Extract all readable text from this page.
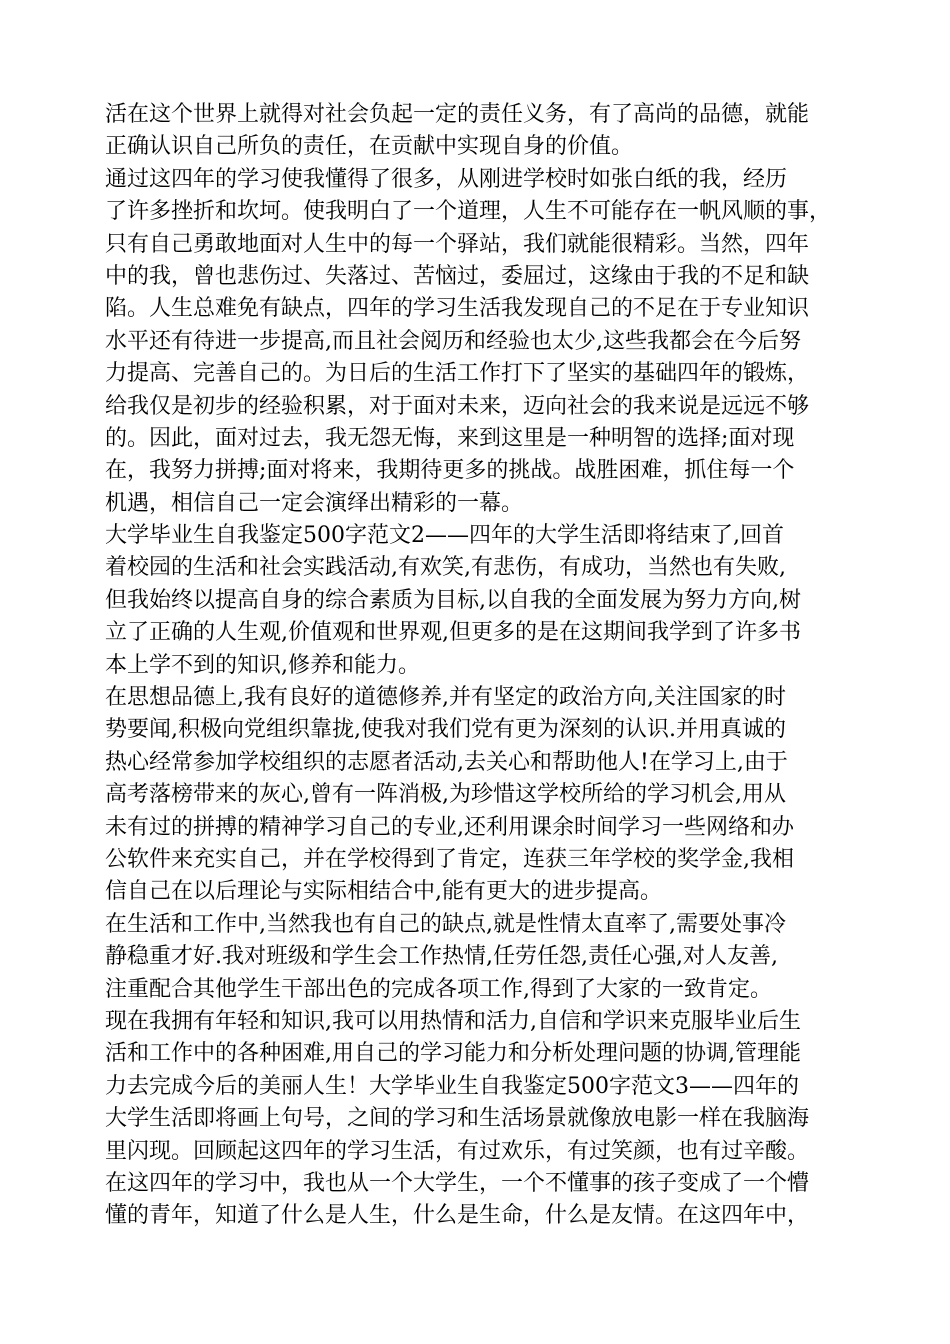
活在这个世界上就得对社会负起一定的责任义务，有了高尚的品德，就能
正确认识自己所负的责任，在贡献中实现自身的价值。
通过这四年的学习使我懂得了很多，从刚进学校时如张白纸的我，经历
了许多挫折和坎坷。使我明白了一个道理，人生不可能存在一帆风顺的事，
只有自己勇敢地面对人生中的每一个驿站，我们就能很精彩。当然，四年
中的我，曾也悲伤过、失落过、苦恼过，委屈过，这缘由于我的不足和缺
陷。人生总难免有缺点，四年的学习生活我发现自己的不足在于专业知识
水平还有待进一步提高,而且社会阅历和经验也太少,这些我都会在今后努
力提高、完善自己的。为日后的生活工作打下了坚实的基础四年的锻炼，
给我仅是初步的经验积累，对于面对未来，迈向社会的我来说是远远不够
的。因此，面对过去，我无怨无悔，来到这里是一种明智的选择;面对现
在，我努力拼搏;面对将来，我期待更多的挑战。战胜困难，抓住每一个
机遇，相信自己一定会演绎出精彩的一幕。
大学毕业生自我鉴定500字范文2——四年的大学生活即将结束了,回首
着校园的生活和社会实践活动,有欢笑,有悲伤，有成功，当然也有失败,
但我始终以提高自身的综合素质为目标,以自我的全面发展为努力方向,树
立了正确的人生观,价值观和世界观,但更多的是在这期间我学到了许多书
本上学不到的知识,修养和能力。
在思想品德上,我有良好的道德修养,并有坚定的政治方向,关注国家的时
势要闻,积极向党组织靠拢,使我对我们党有更为深刻的认识.并用真诚的
热心经常参加学校组织的志愿者活动,去关心和帮助他人!在学习上,由于
高考落榜带来的灰心,曾有一阵消极,为珍惜这学校所给的学习机会,用从
未有过的拼搏的精神学习自己的专业,还利用课余时间学习一些网络和办
公软件来充实自己，并在学校得到了肯定，连获三年学校的奖学金,我相
信自己在以后理论与实际相结合中,能有更大的进步提高。
在生活和工作中,当然我也有自己的缺点,就是性情太直率了,需要处事冷
静稳重才好.我对班级和学生会工作热情,任劳任怨,责任心强,对人友善,
注重配合其他学生干部出色的完成各项工作,得到了大家的一致肯定。
现在我拥有年轻和知识,我可以用热情和活力,自信和学识来克服毕业后生
活和工作中的各种困难,用自己的学习能力和分析处理问题的协调,管理能
力去完成今后的美丽人生！大学毕业生自我鉴定500字范文3——四年的
大学生活即将画上句号，之间的学习和生活场景就像放电影一样在我脑海
里闪现。回顾起这四年的学习生活，有过欢乐，有过笑颜，也有过辛酸。
在这四年的学习中，我也从一个大学生，一个不懂事的孩子变成了一个懵
懂的青年，知道了什么是人生，什么是生命，什么是友情。在这四年中，
